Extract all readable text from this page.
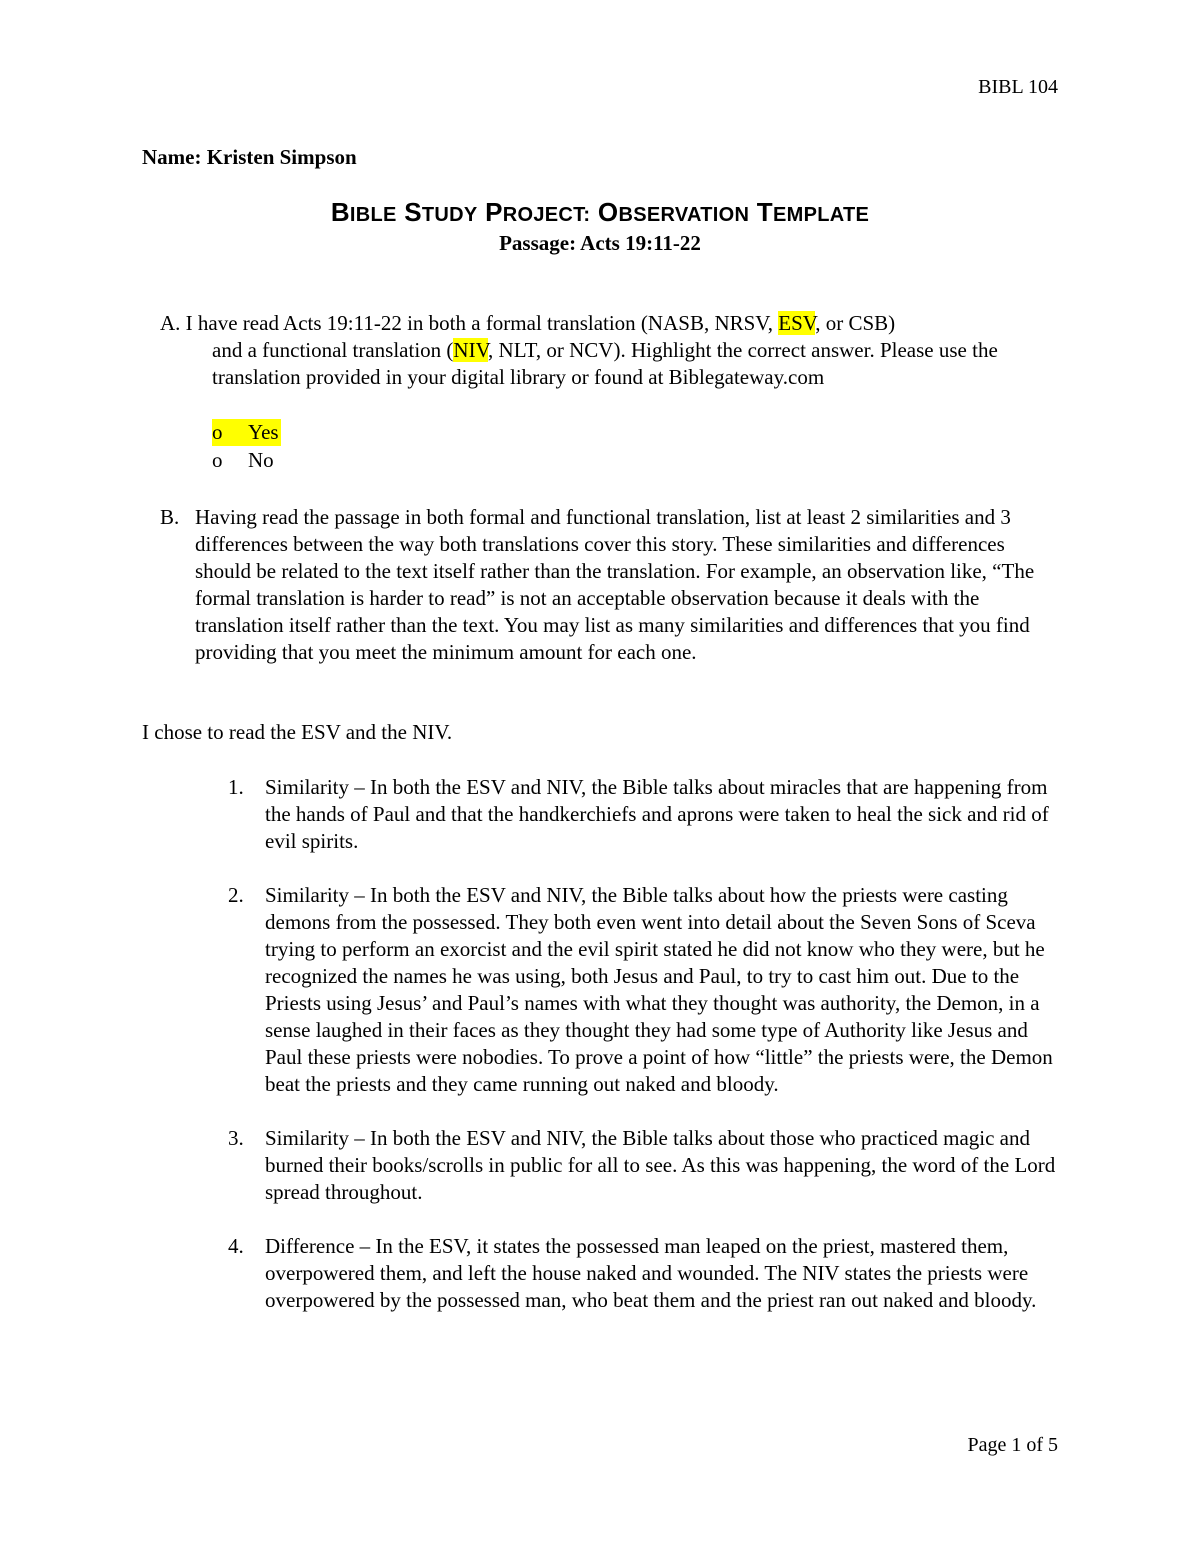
BIBL 104
Name: Kristen Simpson
BIBLE STUDY PROJECT: OBSERVATION TEMPLATE
Passage: Acts 19:11-22
A. I have read Acts 19:11-22 in both a formal translation (NASB, NRSV, ESV, or CSB)
and a functional translation (NIV, NLT, or NCV). Highlight the correct answer. Please use the translation provided in your digital library or found at Biblegateway.com
o	Yes
o	No
B. Having read the passage in both formal and functional translation, list at least 2 similarities and 3 differences between the way both translations cover this story. These similarities and differences should be related to the text itself rather than the translation. For example, an observation like, “The formal translation is harder to read” is not an acceptable observation because it deals with the translation itself rather than the text. You may list as many similarities and differences that you find providing that you meet the minimum amount for each one.
I chose to read the ESV and the NIV.
1.	Similarity – In both the ESV and NIV, the Bible talks about miracles that are happening from the hands of Paul and that the handkerchiefs and aprons were taken to heal the sick and rid of evil spirits.
2.	Similarity – In both the ESV and NIV, the Bible talks about how the priests were casting demons from the possessed. They both even went into detail about the Seven Sons of Sceva trying to perform an exorcist and the evil spirit stated he did not know who they were, but he recognized the names he was using, both Jesus and Paul, to try to cast him out. Due to the Priests using Jesus’ and Paul’s names with what they thought was authority, the Demon, in a sense laughed in their faces as they thought they had some type of Authority like Jesus and Paul these priests were nobodies. To prove a point of how “little” the priests were, the Demon beat the priests and they came running out naked and bloody.
3.	Similarity – In both the ESV and NIV, the Bible talks about those who practiced magic and burned their books/scrolls in public for all to see. As this was happening, the word of the Lord spread throughout.
4.	Difference – In the ESV, it states the possessed man leaped on the priest, mastered them, overpowered them, and left the house naked and wounded. The NIV states the priests were overpowered by the possessed man, who beat them and the priest ran out naked and bloody.
Page 1 of 5
